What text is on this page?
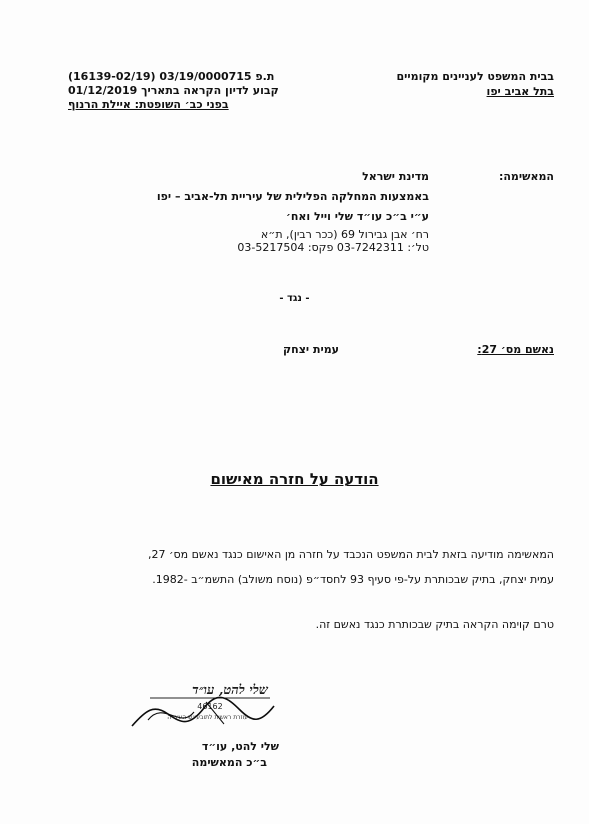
בבית המשפט לעניינים מקומיים
בתל אביב יפו
ת.פ 03/19/0000715 (16139-02/19)
קבוע לדיון הקראה בתאריך 01/12/2019
בפני כב׳ השופטת: איילת הרנוף
המאשימה:
מדינת ישראל
באמצעות המחלקה הפלילית של עיריית תל-אביב – יפו
ע״י ב״כ עו״ד שלי וייל ואח׳
רח׳ אבן גבירול 69 (ככר רבין), ת״א
טל׳: 03-7242311 פקס: 03-5217504
- נגד -
נאשם מס׳ 27:
עמית יצחק
הודעה על חזרה מאישום
המאשימה מודיעה בזאת לבית המשפט הנכבד על חזרה מן האישום כנגד נאשם מס׳ 27,
עמית יצחק, בתיק שבכותרת על-פי סעיף 93 לחסד״פ (נוסח משולב) התשמ״ב -1982.
טרם קוימה הקראה בתיק שבכותרת כנגד נאשם זה.
שלי להט, עו״ד
46162
עוזרת ראשית לתובע״ש העירייה
שלי להט, עו״ד
ב״כ המאשימה
